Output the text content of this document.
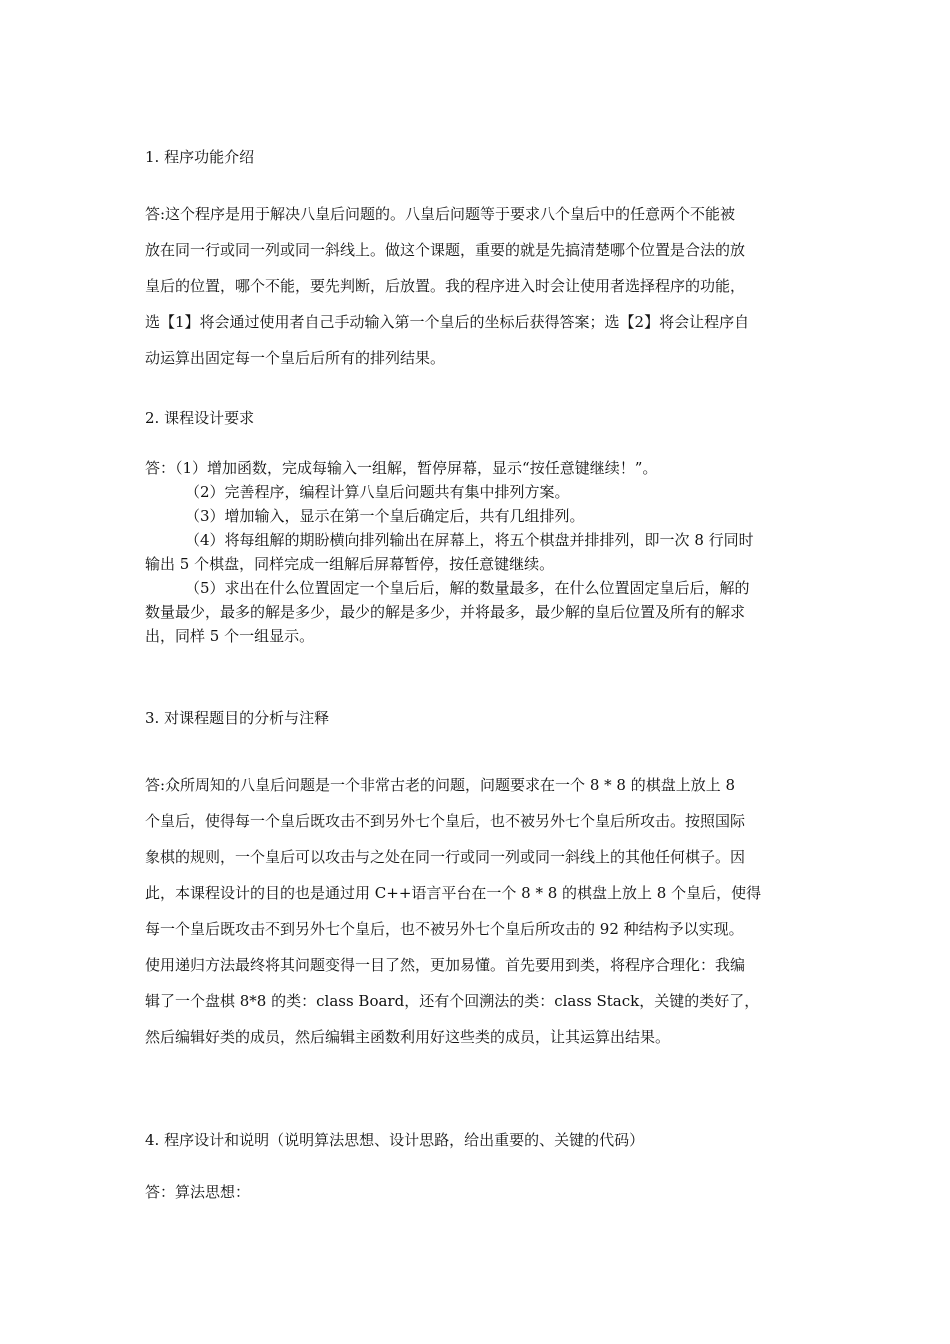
1. 程序功能介绍
答:这个程序是用于解决八皇后问题的。八皇后问题等于要求八个皇后中的任意两个不能被
放在同一行或同一列或同一斜线上。做这个课题，重要的就是先搞清楚哪个位置是合法的放
皇后的位置，哪个不能，要先判断，后放置。我的程序进入时会让使用者选择程序的功能，
选【1】将会通过使用者自己手动输入第一个皇后的坐标后获得答案；选【2】将会让程序自
动运算出固定每一个皇后后所有的排列结果。
2. 课程设计要求
答：（1）增加函数，完成每输入一组解，暂停屏幕，显示“按任意键继续！”。
（2）完善程序，编程计算八皇后问题共有集中排列方案。
（3）增加输入，显示在第一个皇后确定后，共有几组排列。
（4）将每组解的期盼横向排列输出在屏幕上，将五个棋盘并排排列，即一次 8 行同时
输出 5 个棋盘，同样完成一组解后屏幕暂停，按任意键继续。
（5）求出在什么位置固定一个皇后后，解的数量最多，在什么位置固定皇后后，解的
数量最少，最多的解是多少，最少的解是多少，并将最多，最少解的皇后位置及所有的解求
出，同样 5 个一组显示。
3. 对课程题目的分析与注释
答:众所周知的八皇后问题是一个非常古老的问题，问题要求在一个 8 * 8 的棋盘上放上 8
个皇后，使得每一个皇后既攻击不到另外七个皇后，也不被另外七个皇后所攻击。按照国际
象棋的规则，一个皇后可以攻击与之处在同一行或同一列或同一斜线上的其他任何棋子。因
此，本课程设计的目的也是通过用 C++语言平台在一个 8 * 8 的棋盘上放上 8 个皇后，使得
每一个皇后既攻击不到另外七个皇后，也不被另外七个皇后所攻击的 92 种结构予以实现。
使用递归方法最终将其问题变得一目了然，更加易懂。首先要用到类，将程序合理化：我编
辑了一个盘棋 8*8 的类：class Board，还有个回溯法的类：class Stack，关键的类好了，
然后编辑好类的成员，然后编辑主函数利用好这些类的成员，让其运算出结果。
4. 程序设计和说明（说明算法思想、设计思路，给出重要的、关键的代码）
答：算法思想：
